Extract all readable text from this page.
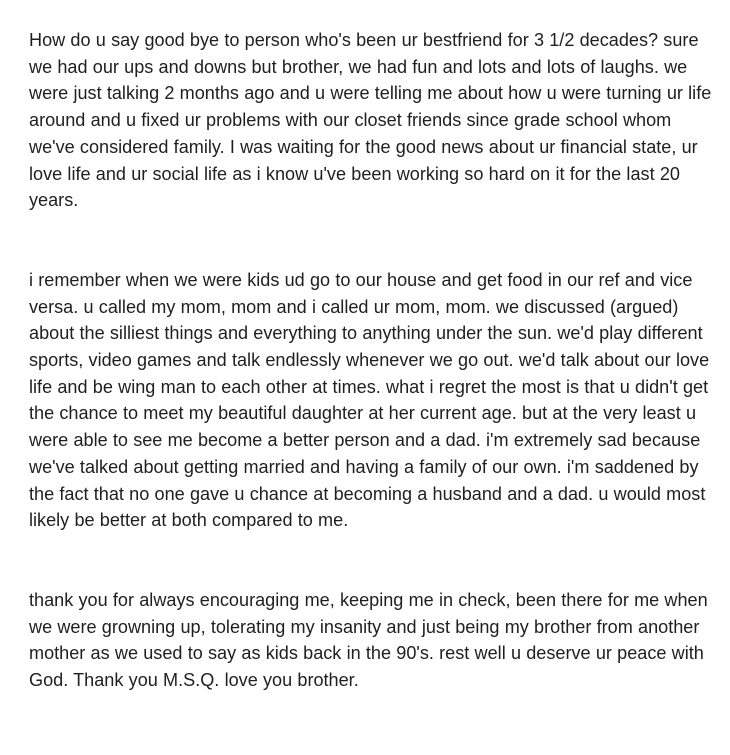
How do u say good bye to person who's been ur bestfriend for 3 1/2 decades? sure we had our ups and downs but brother, we had fun and lots and lots of laughs. we were just talking 2 months ago and u were telling me about how u were turning ur life around and u fixed ur problems with our closet friends since grade school whom we've considered family. I was waiting for the good news about ur financial state, ur love life and ur social life as i know u've been working so hard on it for the last 20 years.

i remember when we were kids ud go to our house and get food in our ref and vice versa. u called my mom, mom and i called ur mom, mom. we discussed (argued) about the silliest things and everything to anything under the sun. we'd play different sports, video games and talk endlessly whenever we go out. we'd talk about our love life and be wing man to each other at times. what i regret the most is that u didn't get the chance to meet my beautiful daughter at her current age. but at the very least u were able to see me become a better person and a dad. i'm extremely sad because we've talked about getting married and having a family of our own. i'm saddened by the fact that no one gave u chance at becoming a husband and a dad. u would most likely be better at both compared to me.

thank you for always encouraging me, keeping me in check, been there for me when we were growning up, tolerating my insanity and just being my brother from another mother as we used to say as kids back in the 90's. rest well u deserve ur peace with God. Thank you M.S.Q. love you brother.
